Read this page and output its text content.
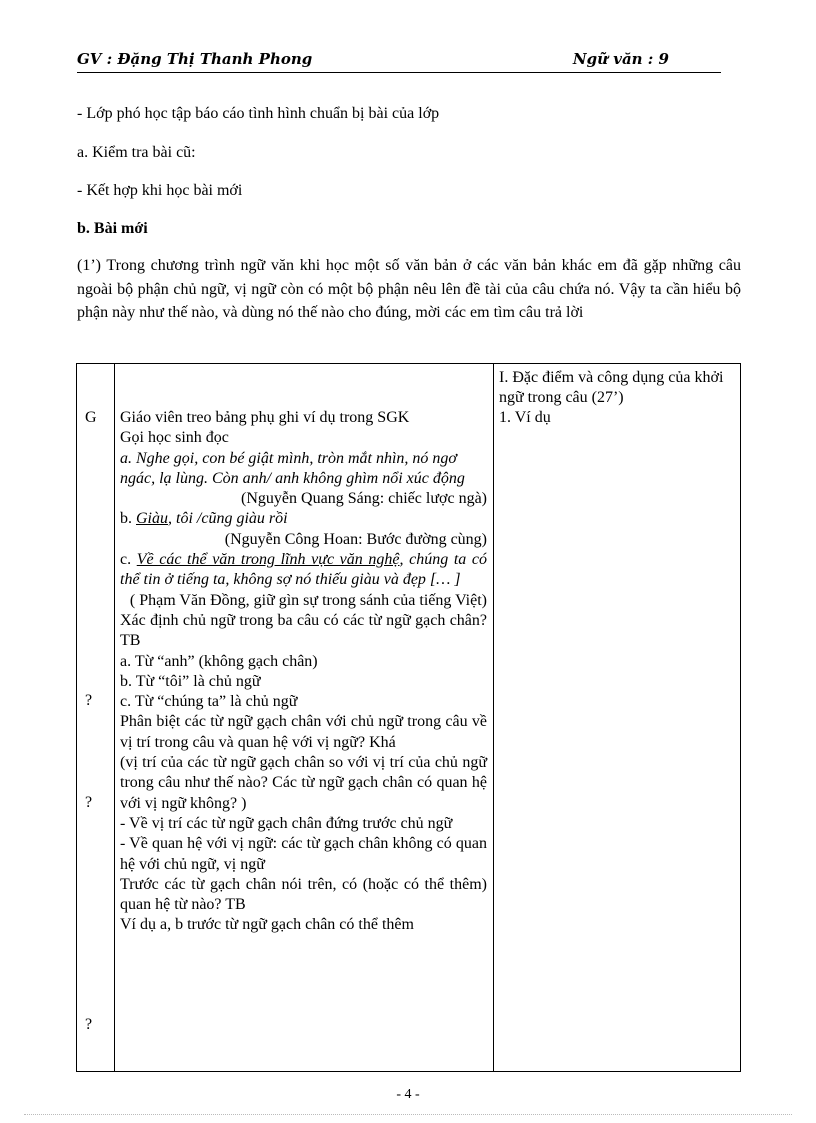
GV : Đặng Thị Thanh Phong	Ngữ văn : 9
- Lớp phó học tập báo cáo tình hình chuẩn bị bài của lớp
a. Kiểm tra bài cũ:
- Kết hợp khi học bài mới
b. Bài mới
(1’) Trong chương trình ngữ văn khi học một số văn bản ở các văn bản khác em đã gặp những câu ngoài bộ phận chủ ngữ, vị ngữ còn có một bộ phận nêu lên đề tài của câu chứa nó. Vậy ta cần hiểu bộ phận này như thế nào, và dùng nó thế nào cho đúng, mời các em tìm câu trả lời
G
?
?
?
Giáo viên treo bảng phụ ghi ví dụ trong SGK
Gọi học sinh đọc
a. Nghe gọi, con bé giật mình, tròn mắt nhìn, nó ngơ ngác, lạ lùng. Còn anh/ anh không ghìm nổi xúc động
(Nguyễn Quang Sáng: chiếc lược ngà)
b. Giàu, tôi /cũng giàu rồi
(Nguyễn Công Hoan: Bước đường cùng)
c. Về các thể văn trong lĩnh vực văn nghệ, chúng ta có thể tin ở tiếng ta, không sợ nó thiếu giàu và đẹp [… ]
( Phạm Văn Đồng, giữ gìn sự trong sánh của tiếng Việt)
Xác định chủ ngữ trong ba câu có các từ ngữ gạch chân? TB
a. Từ “anh” (không gạch chân)
b. Từ “tôi” là chủ ngữ
c. Từ “chúng ta” là chủ ngữ
Phân biệt các từ ngữ gạch chân với chủ ngữ trong câu về vị trí trong câu và quan hệ với vị ngữ? Khá
(vị trí của các từ ngữ gạch chân so với vị trí của chủ ngữ trong câu như thế nào? Các từ ngữ gạch chân có quan hệ với vị ngữ không? )
- Về vị trí các từ ngữ gạch chân đứng trước chủ ngữ
- Về quan hệ với vị ngữ: các từ gạch chân không có quan hệ với chủ ngữ, vị ngữ
Trước các từ gạch chân nói trên, có (hoặc có thể thêm) quan hệ từ nào? TB
Ví dụ a, b trước từ ngữ gạch chân có thể thêm
I. Đặc điểm và công dụng của khởi ngữ trong câu (27’)
1. Ví dụ
- 4 -
